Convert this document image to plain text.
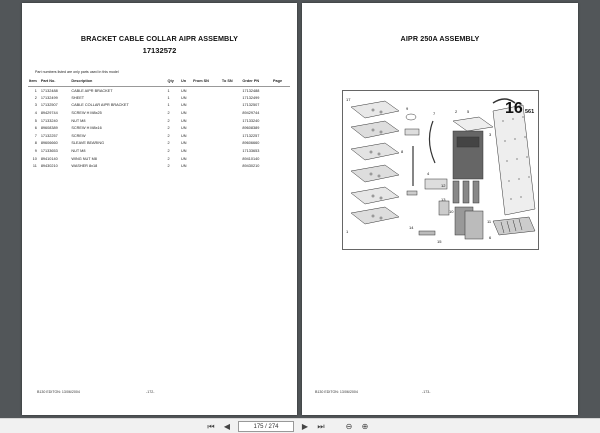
BRACKET CABLE COLLAR AIPR ASSEMBLY
17132572
Part numbers listed are only parts used in this model
Item	Part No.	Description	Qty	Un	From SN	To SN	Order PN	Page
1	17132488	CABLE AIPR BRACKET	1	UN			17132488	
2	17132499	SHEET	1	UN			17132499	
3	17132507	CABLE COLLAR AIPR BRACKET	1	UN			17132507	
4	89429744	SCREW H M8x25	2	UN			89429744	
5	17133240	NUT M8	2	UN			17133240	
6	89608389	SCREW H M8x16	2	UN			89608389	
7	17132257	SCREW	2	UN			17132257	
8	89606660	SLEAVE BEARING	2	UN			89606660	
9	17133653	NUT M8	2	UN			17133653	
10	89410140	WING NUT M8	2	UN			89410140	
11	89430210	WASHER 8x18	2	UN			89430210	
B130 EDITON: 13/06/2004	-172-
AIPR 250A ASSEMBLY
17
9
7	2 5
3
8
4
12
13
1
10
11
14
15
6
16 561
B130 EDITON: 13/06/2004	-173-
⏮ ◀	175 / 274	▶ ⏭	⊖ ⊕
